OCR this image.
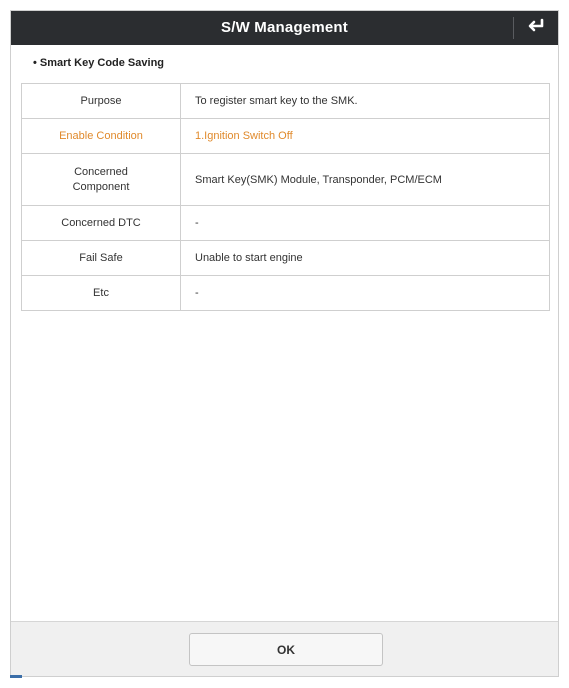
S/W Management
• Smart Key Code Saving
Purpose	To register smart key to the SMK.
Enable Condition	1.Ignition Switch Off
Concerned Component	Smart Key(SMK) Module, Transponder, PCM/ECM
Concerned DTC	-
Fail Safe	Unable to start engine
Etc	-
OK
